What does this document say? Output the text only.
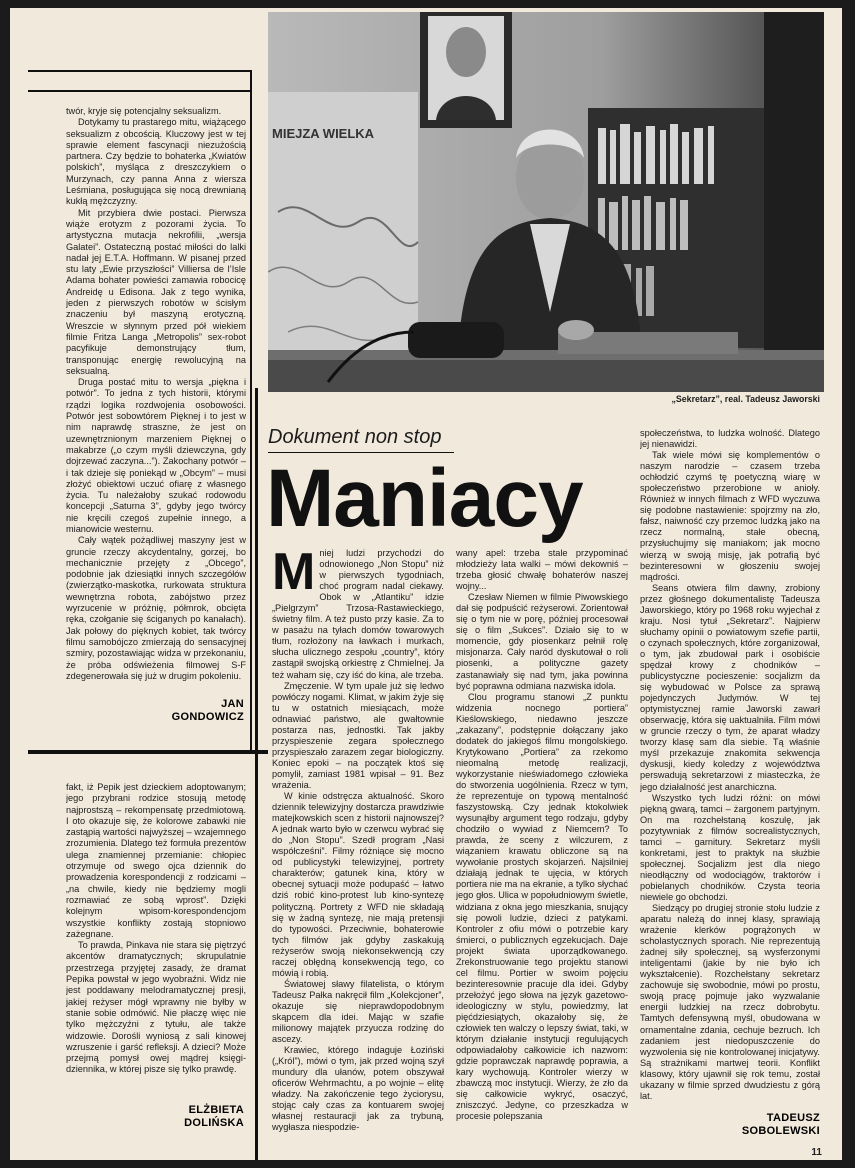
twór, kryje się potencjalny seksualizm.

Dotykamy tu prastarego mitu, wiążącego seksualizm z obcością. Kluczowy jest w tej sprawie element fascynacji niezużością partnera. Czy będzie to bohaterka „Kwiatów polskich”, myśląca z dreszczykiem o Murzynach, czy panna Anna z wiersza Leśmiana, posługująca się nocą drewnianą kukłą mężczyzny.

Mit przybiera dwie postaci. Pierwsza wiąże erotyzm z pozorami życia. To artystyczna mutacja nekrofilii, „wersja Galatei”. Ostateczną postać miłości do lalki nadał jej E.T.A. Hoffmann. W pisanej przed stu laty „Ewie przyszłości” Villiersa de l’Isle Adama bohater powieści zamawia robocicę Andreidę u Edisona. Jak z tego wynika, jeden z pierwszych robotów w ścisłym znaczeniu był maszyną erotyczną. Wreszcie w słynnym przed pół wiekiem filmie Fritza Langa „Metropolis” sex-robot pacyfikuje demonstrujący tłum, transponując energię rewolucyjną na seksualną.

Druga postać mitu to wersja „piękna i potwór”. To jedna z tych historii, którymi rządzi logika rozdwojenia osobowości. Potwór jest sobowtórem Pięknej i to jest w nim naprawdę straszne, że jest on uzewnętrznionym marzeniem Pięknej o makabrze („o czym myśli dziewczyna, gdy dojrzewać zaczyna...”). Zakochany potwór – i tak dzieje się poniekąd w „Obcym” – musi złożyć obiektowi uczuć ofiarę z własnego życia. Tu należałoby szukać rodowodu koncepcji „Saturna 3”, gdyby jego twórcy nie kręcili czegoś zupełnie innego, a mianowicie westernu.

Cały wątek pożądliwej maszyny jest w gruncie rzeczy akcydentalny, gorzej, bo mechanicznie przejęty z „Obcego”, podobnie jak dziesiątki innych szczegółów (zwierzątko-maskotka, rurkowata struktura wewnętrzna robota, zabójstwo przez wyrzucenie w próżnię, półmrok, obcięta ręka, czołganie się ściganych po kanałach). Jak połowy do pięknych kobiet, tak twórcy filmu samobójczo zmierzają do sensacyjnej szmiry, pozostawiając widza w przekonaniu, że próba odświeżenia filmowej S-F zdegenerowała się już w drugim pokoleniu.

JAN
GONDOWICZ

fakt, iż Pepik jest dzieckiem adoptowanym; jego przybrani rodzice stosują metodę najprostszą – rekompensatę przedmiotową. I oto okazuje się, że kolorowe zabawki nie zastąpią wartości najwyższej – wzajemnego zrozumienia. Dlatego też formuła prezentów ulega znamiennej przemianie: chłopiec otrzymuje od swego ojca dziennik do prowadzenia korespondencji z rodzicami – „na chwile, kiedy nie będziemy mogli rozmawiać ze sobą wprost”. Dzięki kolejnym wpisom-korespondencjom wszystkie konflikty zostają stopniowo zażegnane.

To prawda, Pinkava nie stara się piętrzyć akcentów dramatycznych; skrupulatnie przestrzega przyjętej zasady, że dramat Pepika powstał w jego wyobraźni. Widz nie jest poddawany melodramatycznej presji, jakiej reżyser mógł wprawny nie byłby w stanie sobie odmówić. Nie płaczę więc nie tylko mężczyźni z tytułu, ale także widzowie. Dorośli wyniosą z sali kinowej wzruszenie i garść refleksji. A dzieci? Może przejmą pomysł owej mądrej księgi-dziennika, w której pisze się tylko prawdę.

ELŻBIETA
DOLIŃSKA
MIEJZA WIELKA
„Sekretarz”, real. Tadeusz Jaworski
Dokument non stop
Maniacy

Mniej ludzi przychodzi do odnowionego „Non Stopu” niż w pierwszych tygodniach, choć program nadal ciekawy. Obok w „Atlantiku” idzie „Pielgrzym” Trzosa-Rastawieckiego, świetny film. A też pusto przy kasie. Za to w pasażu na tyłach domów towarowych tłum, rozłożony na ławkach i murkach, słucha ulicznego zespołu „country”, który zastąpił swojską orkiestrę z Chmielnej. Ja też waham się, czy iść do kina, ale trzeba.

Zmęczenie. W tym upale już się ledwo powłóczy nogami. Klimat, w jakim żyje się tu w ostatnich miesiącach, może odnawiać państwo, ale gwałtownie postarza nas, jednostki. Tak jakby przyspieszenie zegara społecznego przyspieszało zarazem zegar biologiczny. Koniec epoki – na początek ktoś się pomylił, zamiast 1981 wpisał – 91. Bez wrażenia.

W kinie odstręcza aktualność. Skoro dziennik telewizyjny dostarcza prawdziwie matejkowskich scen z historii najnowszej? A jednak warto było w czerwcu wybrać się do „Non Stopu”. Szedł program „Nasi współcześni”. Filmy różniące się mocno od publicystyki telewizyjnej, portrety charakterów; gatunek kina, który w obecnej sytuacji może podupaść – łatwo dziś robić kino-protest lub kino-syntezę polityczną. Portrety z WFD nie składają się w żadną syntezę, nie mają pretensji do typowości. Przeciwnie, bohaterowie tych filmów jak gdyby zaskakują reżyserów swoją niekonsekwencją czy raczej obłędną konsekwencją tego, co mówią i robią.

Światowej sławy filatelista, o którym Tadeusz Pałka nakręcił film „Kolekcjoner”, okazuje się nieprawdopodobnym skąpcem dla idei. Mając w szafie milionowy majątek przyucza rodzinę do ascezy.

Krawiec, którego indaguje Łoziński („Król”), mówi o tym, jak przed wojną szył mundury dla ułanów, potem obszywał oficerów Wehrmachtu, a po wojnie – elitę władzy. Na zakończenie tego życiorysu, stojąc cały czas za kontuarem swojej własnej restauracji jak za trybuną, wygłasza niespodzie-

wany apel: trzeba stale przypominać młodzieży lata walki – mówi dekowniś – trzeba głosić chwałę bohaterów naszej wojny...

Czesław Niemen w filmie Piwowskiego dał się podpuścić reżyserowi. Zorientował się o tym nie w porę, później procesował się o film „Sukces”. Działo się to w momencie, gdy piosenkarz pełnił rolę misjonarza. Cały naród dyskutował o roli piosenki, a polityczne gazety zastanawiały się nad tym, jaka powinna być poprawna odmiana nazwiska idola.

Clou programu stanowi „Z punktu widzenia nocnego portiera” Kieślowskiego, niedawno jeszcze „zakazany”, podstępnie dołączany jako dodatek do jakiegoś filmu mongolskiego. Krytykowano „Portiera” za rzekomo nieomalną metodę realizacji, wykorzystanie nieświadomego człowieka do stworzenia uogólnienia. Rzecz w tym, że reprezentuje on typową mentalność faszystowską. Czy jednak ktokolwiek wysunąłby argument tego rodzaju, gdyby chodziło o wywiad z Niemcem? To prawda, że sceny z wilczurem, z wiązaniem krawatu obliczone są na wywołanie prostych skojarzeń. Najsilniej działają jednak te ujęcia, w których portiera nie ma na ekranie, a tylko słychać jego głos. Ulica w popołudniowym świetle, widziana z okna jego mieszkania, snujący się powoli ludzie, dzieci z patykami. Kontroler z ofiu mówi o potrzebie kary śmierci, o publicznych egzekucjach. Daje projekt świata uporządkowanego. Zrekonstruowanie tego projektu stanowi cel filmu. Portier w swoim pojęciu bezinteresownie pracuje dla idei. Gdyby przełożyć jego słowa na język gazetowo-ideologiczny w stylu, powiedzmy, lat pięćdziesiątych, okazałoby się, że człowiek ten walczy o lepszy świat, taki, w którym działanie instytucji regulujących odpowiadałoby całkowicie ich nazwom: gdzie poprawczak naprawdę poprawia, a kary wychowują. Kontroler wierzy w zbawczą moc instytucji. Wierzy, że zło da się całkowicie wykryć, osaczyć, zniszczyć. Jedyne, co przeszkadza w procesie polepszania

społeczeństwa, to ludzka wolność. Dlatego jej nienawidzi.

Tak wiele mówi się komplementów o naszym narodzie – czasem trzeba ochłodzić czymś tę poetyczną wiarę w społeczeństwo przerobione w anioły. Również w innych filmach z WFD wyczuwa się podobne nastawienie: spojrzmy na zło, fałsz, naiwność czy przemoc ludzką jako na rzecz normalną, stałe obecną, przysłuchujmy się maniakom; jak mocno wierzą w swoją misję, jak potrafią być bezinteresowni w głoszeniu swojej mądrości.

Seans otwiera film dawny, zrobiony przez głośnego dokumentalistę Tadeusza Jaworskiego, który po 1968 roku wyjechał z kraju. Nosi tytuł „Sekretarz”. Najpierw słuchamy opinii o powiatowym szefie partii, o czynach społecznych, które zorganizował, o tym, jak zbudował park i osobiście spędzał krowy z chodników – publicystyczne pocieszenie: socjalizm da się wybudować w Polsce za sprawą pojedynczych Judymów. W tej optymistycznej ramie Jaworski zawarł obserwację, która się uaktualniła. Film mówi w gruncie rzeczy o tym, że aparat władzy tworzy klasę sam dla siebie. Tą właśnie myśl przekazuje znakomita sekwencja dyskusji, kiedy koledzy z województwa perswadują sekretarzowi z miasteczka, że jego działalność jest anarchiczna.

Wszystko tych ludzi różni: on mówi piękną gwarą, tamci – żargonem partyjnym. On ma rozchełstaną koszulę, jak pozytywniak z filmów socrealistycznych, tamci – garnitury. Sekretarz myśli konkretami, jest to praktyk na służbie społecznej. Socjalizm jest dla niego nieodłączny od wodociągów, traktorów i pobielanych chodników. Czysta teoria niewiele go obchodzi.

Siedzący po drugiej stronie stołu ludzie z aparatu należą do innej klasy, sprawiają wrażenie klerków pogrążonych w scholastycznych sporach. Nie reprezentują żadnej siły społecznej, są wysferzonymi inteligentami (jakie by nie było ich wykształcenie). Rozchełstany sekretarz zachowuje się swobodnie, mówi po prostu, swoją pracę pojmuje jako wyzwalanie energii ludzkiej na rzecz dobrobytu. Tamtych defensywną myśl, obudowana w ornamentalne zdania, cechuje bezruch. Ich zadaniem jest niedopuszczenie do wyzwolenia się nie kontrolowanej inicjatywy. Są strażnikami martwej teorii. Konflikt klasowy, który ujawnił się rok temu, został ukazany w filmie sprzed dwudziestu z górą lat.

TADEUSZ
SOBOLEWSKI
11
